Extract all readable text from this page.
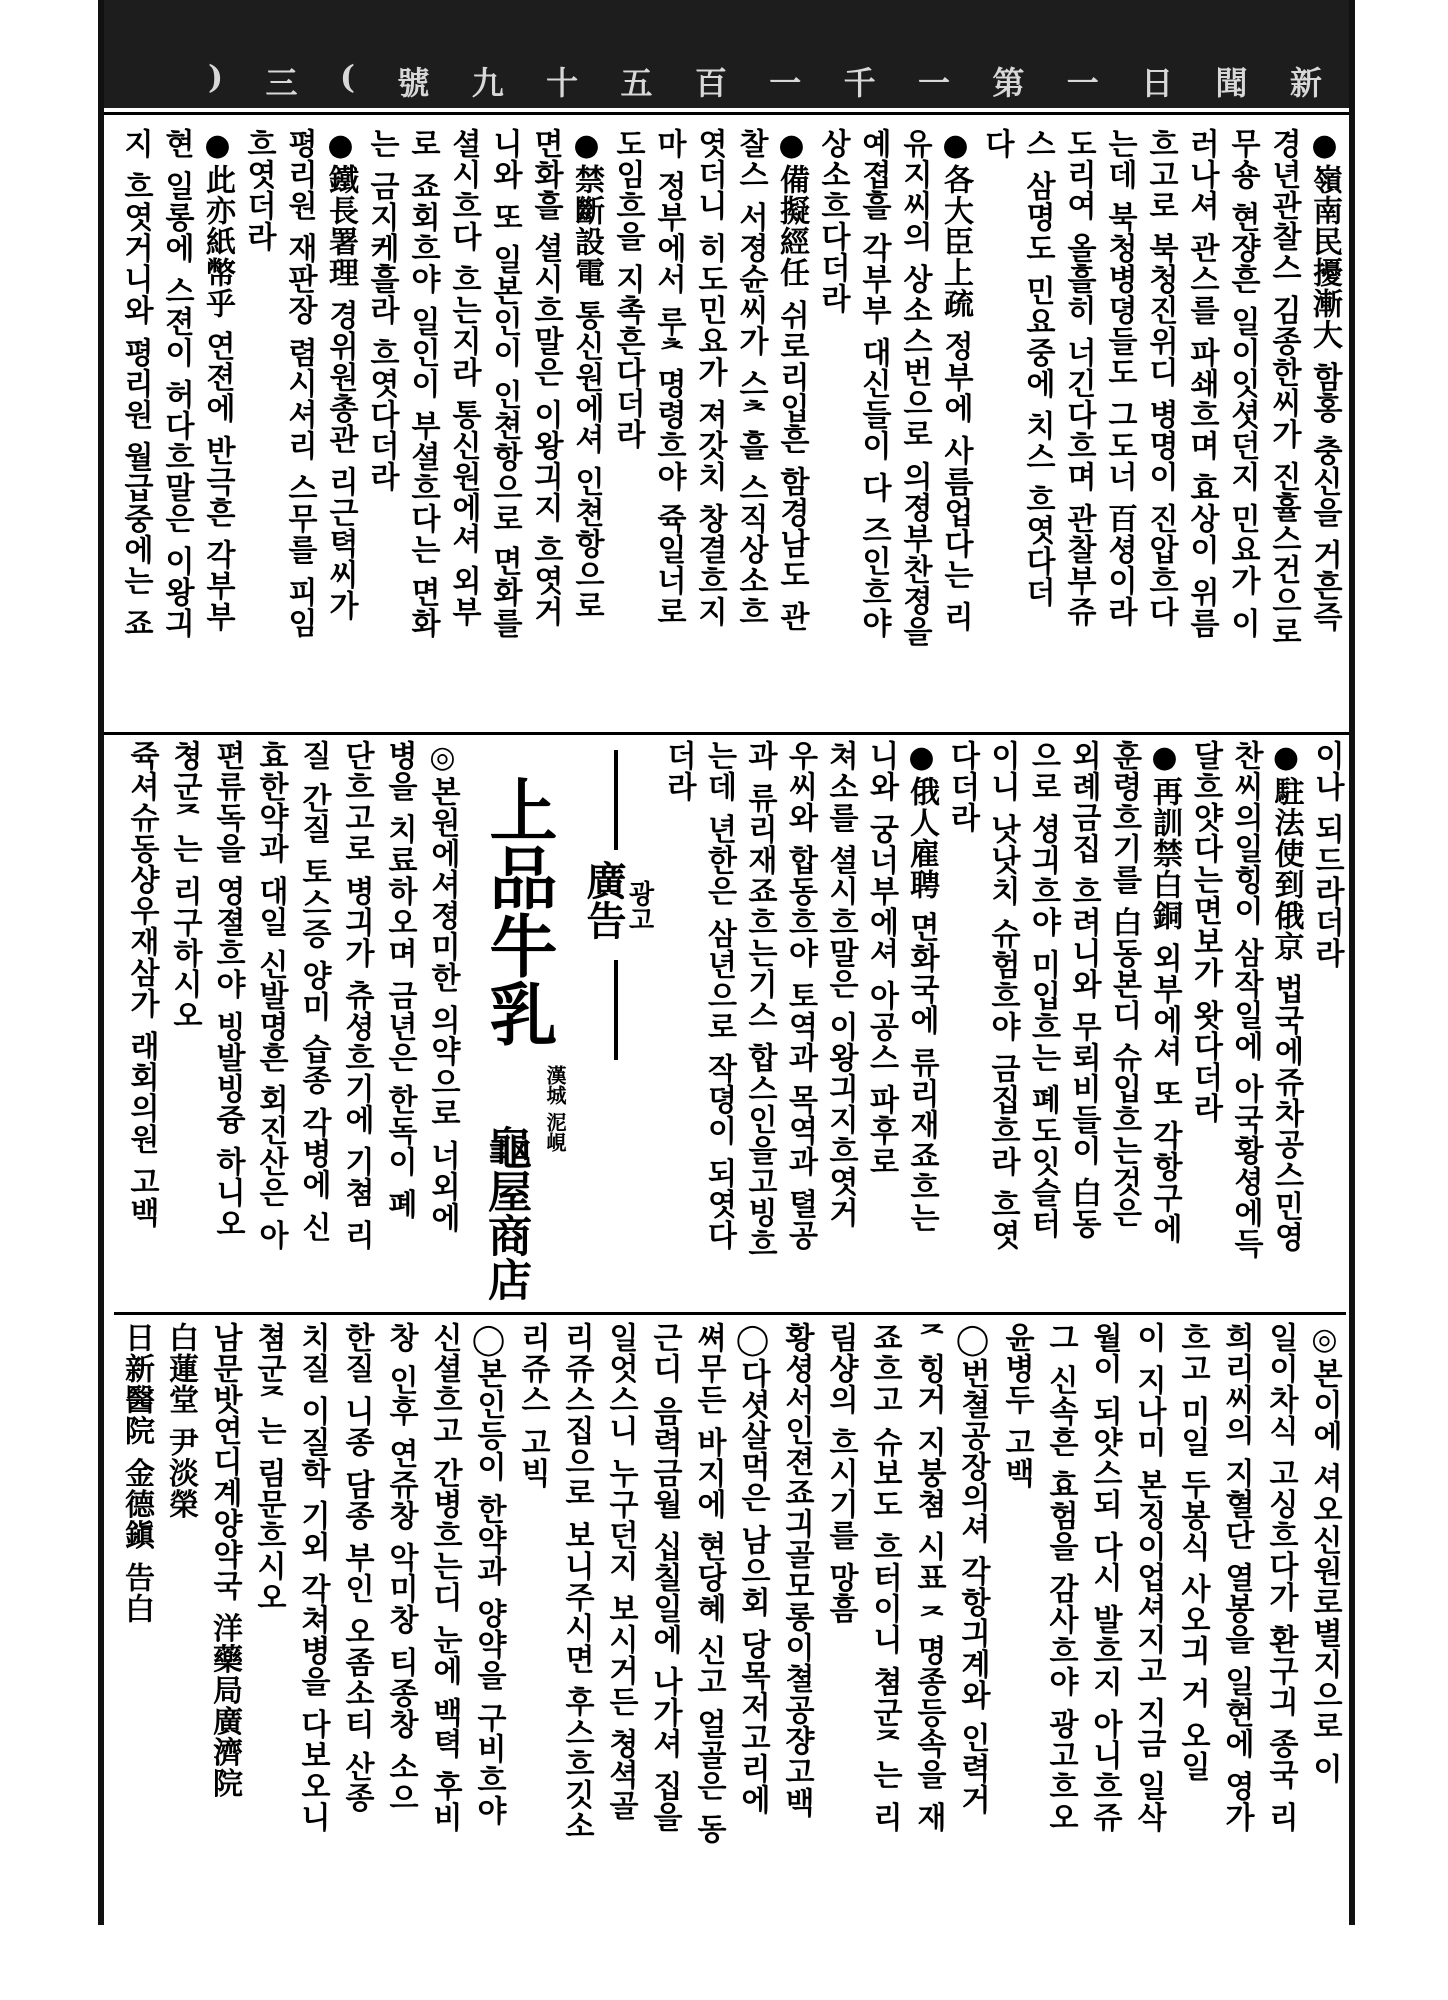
新
聞
日
一
第
一
千
一
百
五
十
九
號
(
三
)
●嶺南民擾漸大 함홍 충신을 거흔즉
경년관찰스 김종한씨가 진휼스건으로
무숑 현쟝흔 일이잇셧던지 민요가 이
러나셔 관스를 파쇄흐며 효상이 위름
흐고로 북청진위디 병명이 진압흐다
는데 북청병뎡들도 그도너 百셩이라
도리여 올흘히 너긴다흐며 관찰부쥬
스 삼명도 민요중에 치스 흐엿다더
다
●各大臣上疏 정부에 사름업다는 리
유지씨의 상소스번으로 의졍부찬졍을
예졉흘 각부부 대신들이 다 즈인흐야
상소흐다더라
●備擬經任 쉬로리입흔 함경남도 관
찰스 서졍슌씨가 스ᄎ흘 스직상소흐
엿더니 히도민요가 져갓치 창결흐지
마 정부에서 루ᄎ명령흐야 쥭일너로
도임흐을 지촉흔다더라
●禁斷設電 통신원에셔 인쳔항으로
면화흘 셜시흐말은 이왕긔지 흐엿거
니와 또 일본인이 인쳔항으로 면화를
셜시흐다 흐는지라 통신원에셔 외부
로 죠회흐야 일인이 부셜흐다는 면화
는 금지케흘라 흐엿다더라
●鐵長署理 경위원총관 리근텩씨가
평리원 재판장 렴시셔리 스무를 피임
흐엿더라
●此亦紙幣乎 연젼에 반극흔 각부부
현 일롱에 스젼이 허다흐말은 이왕긔
지 흐엿거니와 평리원 월급중에는 죠
이나 되드라더라
●駐法使到俄京 법국에쥬차공스민영
찬씨의일힝이 삼작일에 아국황셩에득
달흐얏다는면보가 왓다더라
●再訓禁白銅 외부에셔 또 각항구에
훈령흐기를 白동본디 슈입흐는것은
외례금집 흐려니와 무뢰비들이 白동
으로 셩긔흐야 미입흐는 폐도잇슬터
이니 낫낫치 슈험흐야 금집흐라 흐엿
다더라
●俄人雇聘 면화국에 류리재죠흐는
니와 궁너부에셔 아공스 파후로
쳐소를 셜시흐말은 이왕긔지흐엿거
우씨와 합동흐야 토역과 목역과 텰공
과 류리재죠흐는기스 합스인을고빙흐
는데 년한은 삼년으로 작뎡이 되엿다
더라
廣告
광고
上品牛乳
漢城 泥峴
龜屋商店
◎본원에셔졍미한 의약으로 너외에
병을 치료하오며 금년은 한독이 폐
단흐고로 병긔가 츄셩흐기에 기쳠 리
질 간질 토스증 양미 습종 각병에 신
효한약과 대일 신발명흔 회진산은 아
편류독을 영졀흐야 빙발빙즁 하니오
쳥군ᄌ는 리구하시오
쥭셔슈동샹우재삼가 래회의원 고백
◎본이에 셔오신원로별지으로 이
일이차식 고싱흐다가 환구긔 종국 리
희리씨의 지혈단 열봉을 일현에 영가
흐고 미일 두봉식 사오긔 거 오일
이 지나미 본징이업셔지고 지금 일삭
월이 되얏스되 다시 발흐지 아니흐쥬
그 신속흔 효험을 감사흐야 광고흐오
윤병두 고백
◯번쳘공장의셔 각항긔계와 인력거
ᄌ힝거 지붕쳠 시표 ᄌ명종등속을 재
죠흐고 슈보도 흐터이니 쳠군ᄌ는 리
림샹의 흐시기를 망흠
황셩서인젼죠긔골모롱이쳘공쟝고백
◯다셧살먹은 남으회 당목저고리에
쎠무든 바지에 현당혜 신고 얼골은 동
근디 음력금월 십칠일에 나가셔 집을
일엇스니 누구던지 보시거든 쳥셕골
리쥬스집으로 보니주시면 후스흐깃소
리쥬스 고빅
◯본인등이 한약과 양약을 구비흐야
신셜흐고 간병흐는디 눈에 백텩 후비
창 인후 연쥬창 악미창 티종창 소으
한질 니종 담종 부인 오좀소티 산종
치질 이질학 기외 각쳐병을 다보오니
쳠군ᄌ는 림문흐시오
남문밧연디계양약국 洋藥局廣濟院
白蓮堂 尹淡榮
日新醫院 金德鎭 告白
